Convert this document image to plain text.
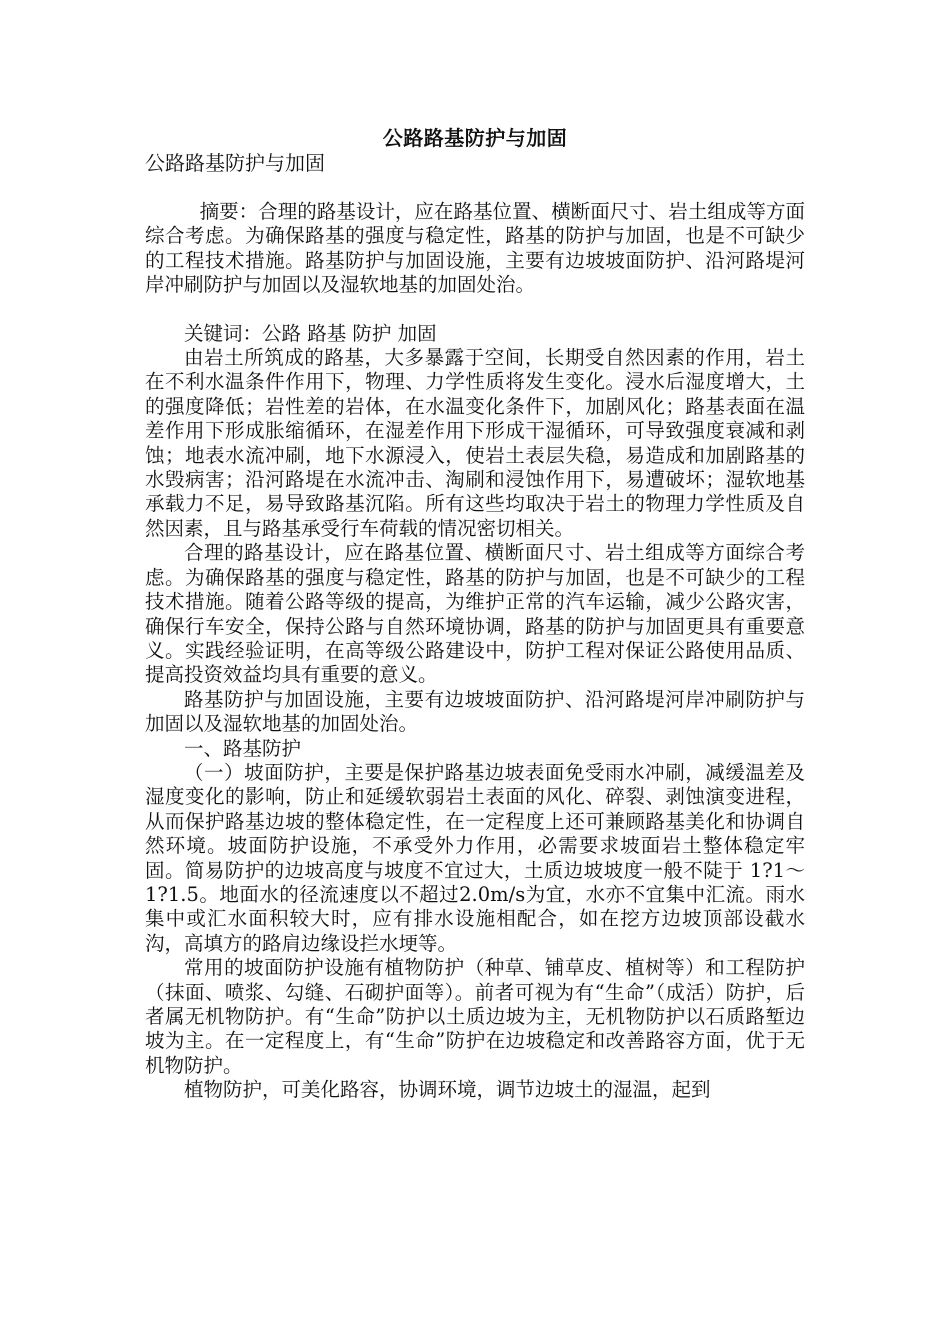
公路路基防护与加固
公路路基防护与加固

摘要：合理的路基设计，应在路基位置、横断面尺寸、岩土组成等方面综合考虑。为确保路基的强度与稳定性，路基的防护与加固，也是不可缺少的工程技术措施。路基防护与加固设施，主要有边坡坡面防护、沿河路堤河岸冲刷防护与加固以及湿软地基的加固处治。

关键词：公路 路基 防护 加固

由岩土所筑成的路基，大多暴露于空间，长期受自然因素的作用，岩土在不利水温条件作用下，物理、力学性质将发生变化。浸水后湿度增大，土的强度降低；岩性差的岩体，在水温变化条件下，加剧风化；路基表面在温差作用下形成胀缩循环，在湿差作用下形成干湿循环，可导致强度衰减和剥蚀；地表水流冲刷，地下水源浸入，使岩土表层失稳，易造成和加剧路基的水毁病害；沿河路堤在水流冲击、淘刷和浸蚀作用下，易遭破坏；湿软地基承载力不足，易导致路基沉陷。所有这些均取决于岩土的物理力学性质及自然因素，且与路基承受行车荷载的情况密切相关。

合理的路基设计，应在路基位置、横断面尺寸、岩土组成等方面综合考虑。为确保路基的强度与稳定性，路基的防护与加固，也是不可缺少的工程技术措施。随着公路等级的提高，为维护正常的汽车运输，减少公路灾害，确保行车安全，保持公路与自然环境协调，路基的防护与加固更具有重要意义。实践经验证明，在高等级公路建设中，防护工程对保证公路使用品质、提高投资效益均具有重要的意义。

路基防护与加固设施，主要有边坡坡面防护、沿河路堤河岸冲刷防护与加固以及湿软地基的加固处治。

一、路基防护

（一）坡面防护，主要是保护路基边坡表面免受雨水冲刷，减缓温差及湿度变化的影响，防止和延缓软弱岩土表面的风化、碎裂、剥蚀演变进程，从而保护路基边坡的整体稳定性，在一定程度上还可兼顾路基美化和协调自然环境。坡面防护设施，不承受外力作用，必需要求坡面岩土整体稳定牢固。简易防护的边坡高度与坡度不宜过大，土质边坡坡度一般不陡于 1?1～1?1.5。地面水的径流速度以不超过2.0m/s为宜，水亦不宜集中汇流。雨水集中或汇水面积较大时，应有排水设施相配合，如在挖方边坡顶部设截水沟，高填方的路肩边缘设拦水埂等。

常用的坡面防护设施有植物防护（种草、铺草皮、植树等）和工程防护（抹面、喷浆、勾缝、石砌护面等）。前者可视为有“生命”（成活）防护，后者属无机物防护。有“生命”防护以土质边坡为主，无机物防护以石质路堑边坡为主。在一定程度上，有“生命”防护在边坡稳定和改善路容方面，优于无机物防护。

植物防护，可美化路容，协调环境，调节边坡土的湿温，起到
